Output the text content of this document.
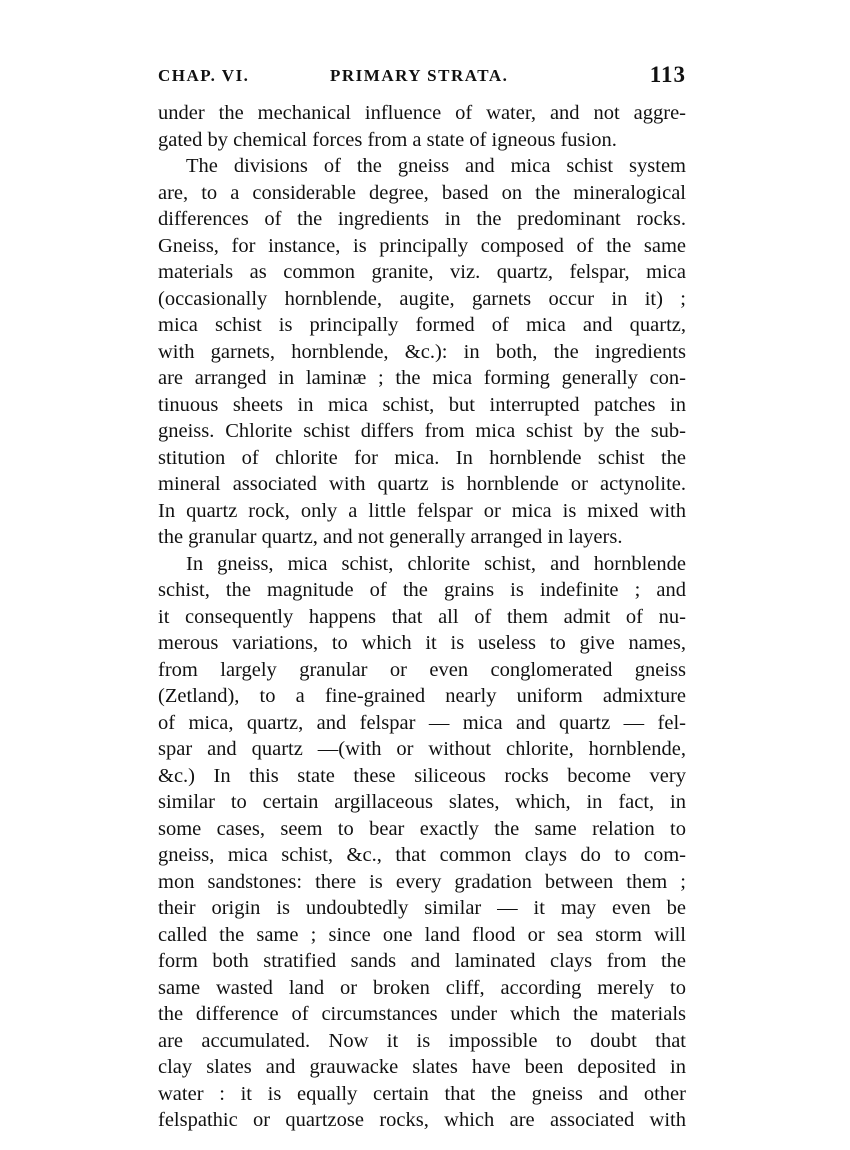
CHAP. VI.	PRIMARY STRATA.	113
under the mechanical influence of water, and not aggre-
gated by chemical forces from a state of igneous fusion.
The divisions of the gneiss and mica schist system
are, to a considerable degree, based on the mineralogical
differences of the ingredients in the predominant rocks.
Gneiss, for instance, is principally composed of the same
materials as common granite, viz. quartz, felspar, mica
(occasionally hornblende, augite, garnets occur in it) ;
mica schist is principally formed of mica and quartz,
with garnets, hornblende, &c.): in both, the ingredients
are arranged in laminæ ; the mica forming generally con-
tinuous sheets in mica schist, but interrupted patches in
gneiss. Chlorite schist differs from mica schist by the sub-
stitution of chlorite for mica. In hornblende schist the
mineral associated with quartz is hornblende or actynolite.
In quartz rock, only a little felspar or mica is mixed with
the granular quartz, and not generally arranged in layers.
In gneiss, mica schist, chlorite schist, and hornblende
schist, the magnitude of the grains is indefinite ; and
it consequently happens that all of them admit of nu-
merous variations, to which it is useless to give names,
from largely granular or even conglomerated gneiss
(Zetland), to a fine-grained nearly uniform admixture
of mica, quartz, and felspar — mica and quartz — fel-
spar and quartz —(with or without chlorite, hornblende,
&c.) In this state these siliceous rocks become very
similar to certain argillaceous slates, which, in fact, in
some cases, seem to bear exactly the same relation to
gneiss, mica schist, &c., that common clays do to com-
mon sandstones: there is every gradation between them ;
their origin is undoubtedly similar — it may even be
called the same ; since one land flood or sea storm will
form both stratified sands and laminated clays from the
same wasted land or broken cliff, according merely to
the difference of circumstances under which the materials
are accumulated. Now it is impossible to doubt that
clay slates and grauwacke slates have been deposited in
water : it is equally certain that the gneiss and other
felspathic or quartzose rocks, which are associated with
